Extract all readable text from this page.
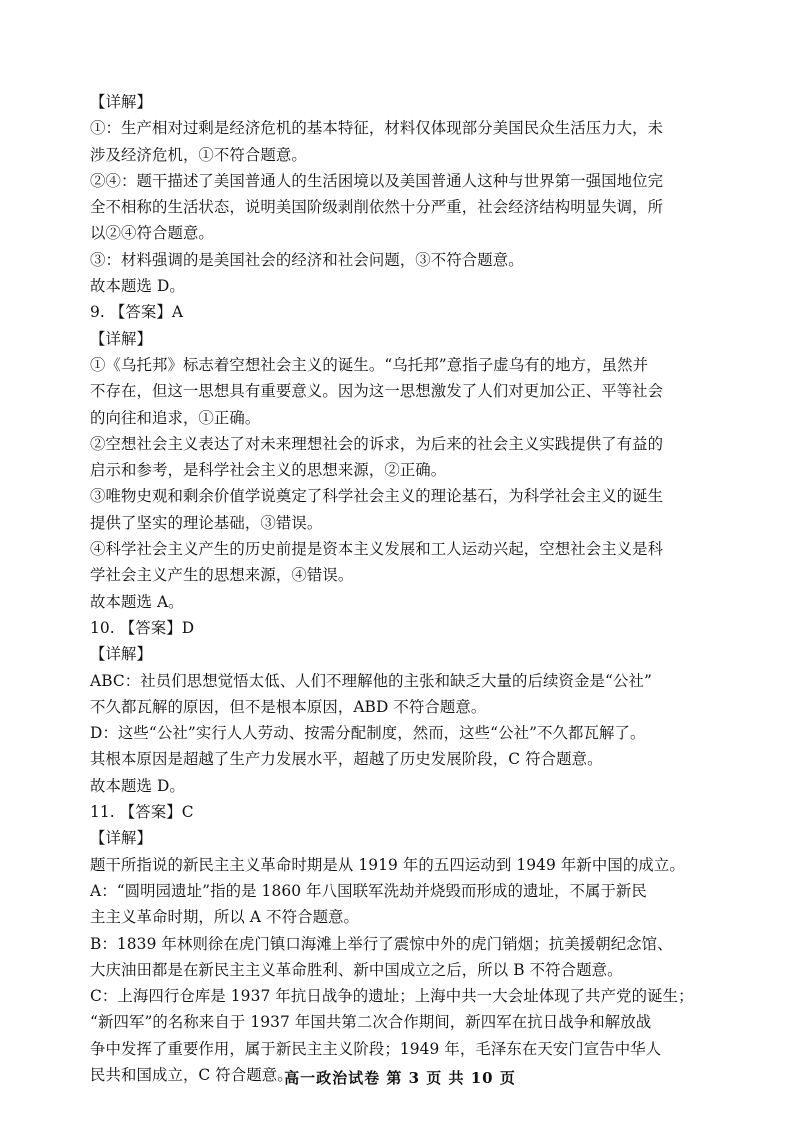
【详解】
①：生产相对过剩是经济危机的基本特征，材料仅体现部分美国民众生活压力大，未
涉及经济危机，①不符合题意。
②④：题干描述了美国普通人的生活困境以及美国普通人这种与世界第一强国地位完
全不相称的生活状态，说明美国阶级剥削依然十分严重，社会经济结构明显失调，所
以②④符合题意。
③：材料强调的是美国社会的经济和社会问题，③不符合题意。
故本题选 D。
9. 【答案】A
【详解】
①《乌托邦》标志着空想社会主义的诞生。“乌托邦”意指子虚乌有的地方，虽然并
不存在，但这一思想具有重要意义。因为这一思想激发了人们对更加公正、平等社会
的向往和追求，①正确。
②空想社会主义表达了对未来理想社会的诉求，为后来的社会主义实践提供了有益的
启示和参考，是科学社会主义的思想来源，②正确。
③唯物史观和剩余价值学说奠定了科学社会主义的理论基石，为科学社会主义的诞生
提供了坚实的理论基础，③错误。
④科学社会主义产生的历史前提是资本主义发展和工人运动兴起，空想社会主义是科
学社会主义产生的思想来源，④错误。
故本题选 A。
10. 【答案】D
【详解】
ABC：社员们思想觉悟太低、人们不理解他的主张和缺乏大量的后续资金是“公社”
不久都瓦解的原因，但不是根本原因，ABD 不符合题意。
D：这些“公社”实行人人劳动、按需分配制度，然而，这些“公社”不久都瓦解了。
其根本原因是超越了生产力发展水平，超越了历史发展阶段，C 符合题意。
故本题选 D。
11. 【答案】C
【详解】
题干所指说的新民主主义革命时期是从 1919 年的五四运动到 1949 年新中国的成立。
A：“圆明园遗址”指的是 1860 年八国联军洗劫并烧毁而形成的遗址，不属于新民
主主义革命时期，所以 A 不符合题意。
B：1839 年林则徐在虎门镇口海滩上举行了震惊中外的虎门销烟；抗美援朝纪念馆、
大庆油田都是在新民主主义革命胜利、新中国成立之后，所以 B 不符合题意。
C：上海四行仓库是 1937 年抗日战争的遗址；上海中共一大会址体现了共产党的诞生；
“新四军”的名称来自于 1937 年国共第二次合作期间，新四军在抗日战争和解放战
争中发挥了重要作用，属于新民主主义阶段；1949 年，毛泽东在天安门宣告中华人
民共和国成立，C 符合题意。
高一政治试卷 第 3 页 共 10 页
